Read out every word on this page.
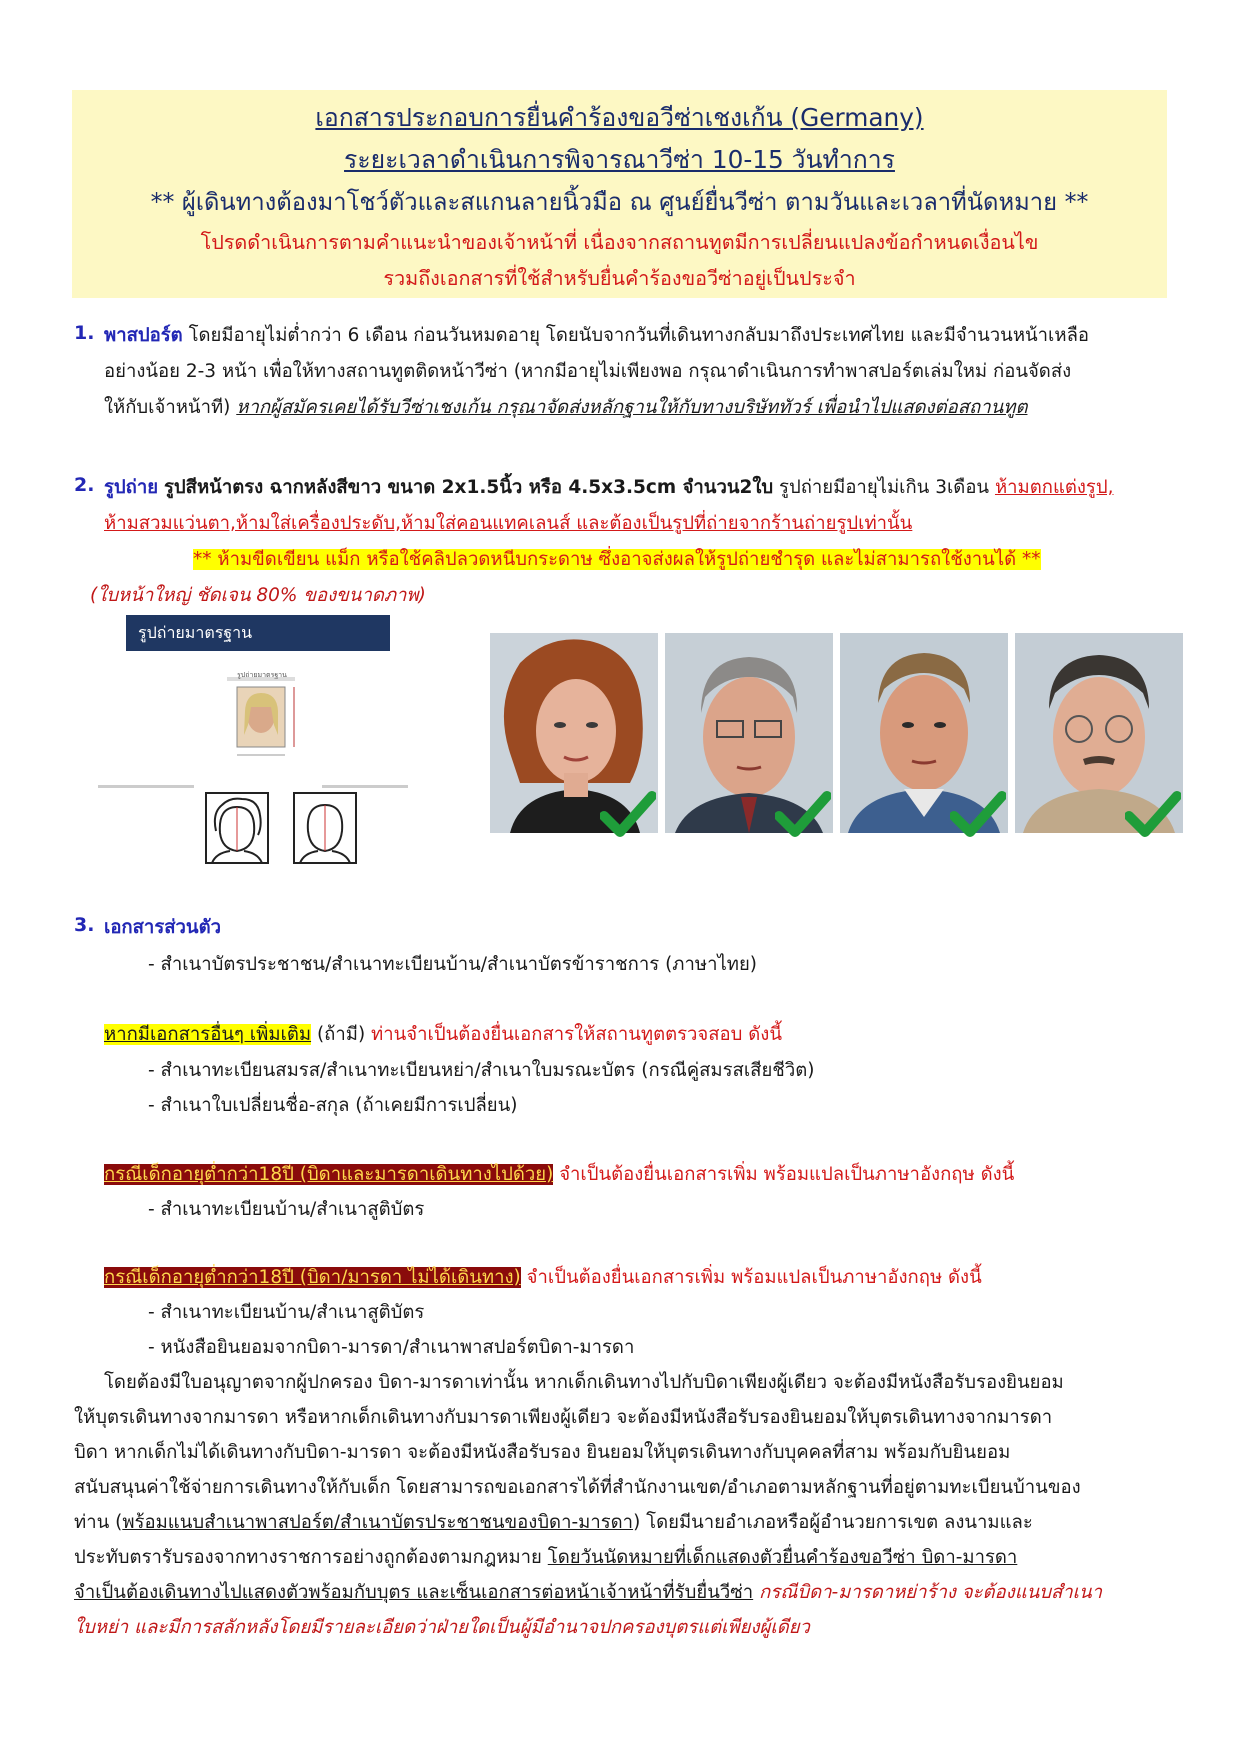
เอกสารประกอบการยื่นคำร้องขอวีซ่าเชงเก้น (Germany)
ระยะเวลาดำเนินการพิจารณาวีซ่า 10-15 วันทำการ
** ผู้เดินทางต้องมาโชว์ตัวและสแกนลายนิ้วมือ ณ ศูนย์ยื่นวีซ่า ตามวันและเวลาที่นัดหมาย **
โปรดดำเนินการตามคำแนะนำของเจ้าหน้าที่ เนื่องจากสถานทูตมีการเปลี่ยนแปลงข้อกำหนดเงื่อนไข
รวมถึงเอกสารที่ใช้สำหรับยื่นคำร้องขอวีซ่าอยู่เป็นประจำ
1. พาสปอร์ต โดยมีอายุไม่ต่ำกว่า 6 เดือน ก่อนวันหมดอายุ โดยนับจากวันที่เดินทางกลับมาถึงประเทศไทย และมีจำนวนหน้าเหลือ
อย่างน้อย 2-3 หน้า เพื่อให้ทางสถานทูตติดหน้าวีซ่า (หากมีอายุไม่เพียงพอ กรุณาดำเนินการทำพาสปอร์ตเล่มใหม่ ก่อนจัดส่ง
ให้กับเจ้าหน้าที) หากผู้สมัครเคยได้รับวีซ่าเชงเก้น กรุณาจัดส่งหลักฐานให้กับทางบริษัททัวร์ เพื่อนำไปแสดงต่อสถานทูต
2. รูปถ่าย รูปสีหน้าตรง ฉากหลังสีขาว ขนาด 2x1.5นิ้ว หรือ 4.5x3.5cm จำนวน2ใบ รูปถ่ายมีอายุไม่เกิน 3เดือน ห้ามตกแต่งรูป,
ห้ามสวมแว่นตา,ห้ามใส่เครื่องประดับ,ห้ามใส่คอนแทคเลนส์ และต้องเป็นรูปที่ถ่ายจากร้านถ่ายรูปเท่านั้น
** ห้ามขีดเขียน แม็ก หรือใช้คลิปลวดหนีบกระดาษ ซึ่งอาจส่งผลให้รูปถ่ายชำรุด และไม่สามารถใช้งานได้ **
(ใบหน้าใหญ่ ชัดเจน 80% ของขนาดภาพ)
รูปถ่ายมาตรฐาน
รูปถ่ายมาตรฐาน
3. เอกสารส่วนตัว
- สำเนาบัตรประชาชน/สำเนาทะเบียนบ้าน/สำเนาบัตรข้าราชการ (ภาษาไทย)
หากมีเอกสารอื่นๆ เพิ่มเติม (ถ้ามี) ท่านจำเป็นต้องยื่นเอกสารให้สถานทูตตรวจสอบ ดังนี้
- สำเนาทะเบียนสมรส/สำเนาทะเบียนหย่า/สำเนาใบมรณะบัตร (กรณีคู่สมรสเสียชีวิต)
- สำเนาใบเปลี่ยนชื่อ-สกุล (ถ้าเคยมีการเปลี่ยน)
กรณีเด็กอายุต่ำกว่า18ปี (บิดาและมารดาเดินทางไปด้วย) จำเป็นต้องยื่นเอกสารเพิ่ม พร้อมแปลเป็นภาษาอังกฤษ ดังนี้
- สำเนาทะเบียนบ้าน/สำเนาสูติบัตร
กรณีเด็กอายุต่ำกว่า18ปี (บิดา/มารดา ไม่ได้เดินทาง) จำเป็นต้องยื่นเอกสารเพิ่ม พร้อมแปลเป็นภาษาอังกฤษ ดังนี้
- สำเนาทะเบียนบ้าน/สำเนาสูติบัตร
- หนังสือยินยอมจากบิดา-มารดา/สำเนาพาสปอร์ตบิดา-มารดา
โดยต้องมีใบอนุญาตจากผู้ปกครอง บิดา-มารดาเท่านั้น หากเด็กเดินทางไปกับบิดาเพียงผู้เดียว จะต้องมีหนังสือรับรองยินยอม
ให้บุตรเดินทางจากมารดา หรือหากเด็กเดินทางกับมารดาเพียงผู้เดียว จะต้องมีหนังสือรับรองยินยอมให้บุตรเดินทางจากมารดา
บิดา หากเด็กไม่ได้เดินทางกับบิดา-มารดา จะต้องมีหนังสือรับรอง ยินยอมให้บุตรเดินทางกับบุคคลที่สาม พร้อมกับยินยอม
สนับสนุนค่าใช้จ่ายการเดินทางให้กับเด็ก โดยสามารถขอเอกสารได้ที่สำนักงานเขต/อำเภอตามหลักฐานที่อยู่ตามทะเบียนบ้านของ
ท่าน (พร้อมแนบสำเนาพาสปอร์ต/สำเนาบัตรประชาชนของบิดา-มารดา) โดยมีนายอำเภอหรือผู้อำนวยการเขต ลงนามและ
ประทับตรารับรองจากทางราชการอย่างถูกต้องตามกฎหมาย โดยวันนัดหมายที่เด็กแสดงตัวยื่นคำร้องขอวีซ่า บิดา-มารดา
จำเป็นต้องเดินทางไปแสดงตัวพร้อมกับบุตร และเซ็นเอกสารต่อหน้าเจ้าหน้าที่รับยื่นวีซ่า กรณีบิดา-มารดาหย่าร้าง จะต้องแนบสำเนา
ใบหย่า และมีการสลักหลังโดยมีรายละเอียดว่าฝ่ายใดเป็นผู้มีอำนาจปกครองบุตรแต่เพียงผู้เดียว
